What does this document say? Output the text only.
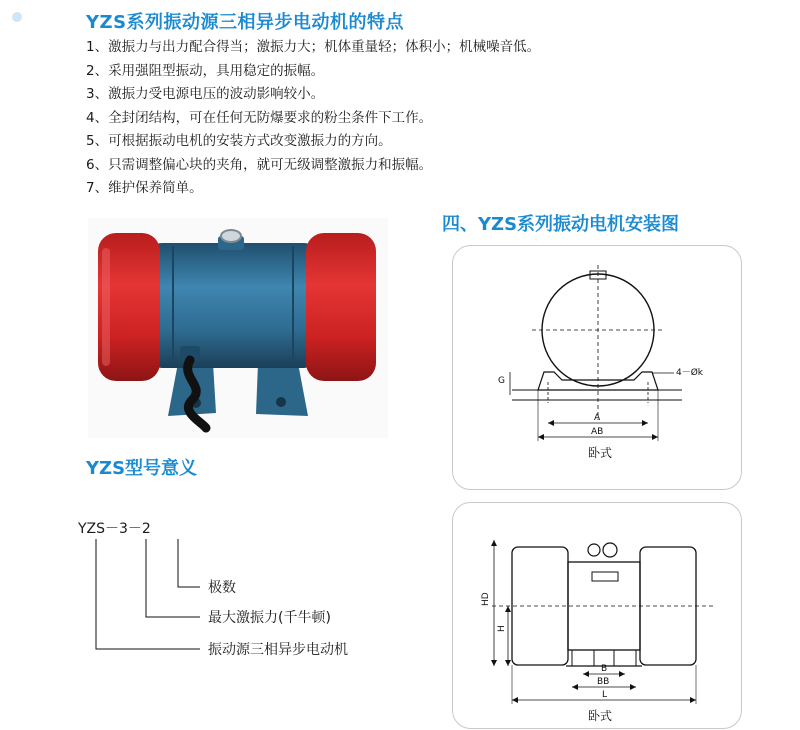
YZS系列振动源三相异步电动机的特点
1、激振力与出力配合得当；激振力大；机体重量轻；体积小；机械噪音低。
2、采用强阻型振动，具用稳定的振幅。
3、激振力受电源电压的波动影响较小。
4、全封闭结构，可在任何无防爆要求的粉尘条件下工作。
5、可根据振动电机的安装方式改变激振力的方向。
6、只需调整偏心块的夹角，就可无级调整激振力和振幅。
7、维护保养简单。
四、YZS系列振动电机安装图
YZS型号意义
YZS－3－2
极数
最大激振力(千牛顿)
振动源三相异步电动机
G
4－Øk
A
AB
卧式
HD
H
B
BB
L
卧式
